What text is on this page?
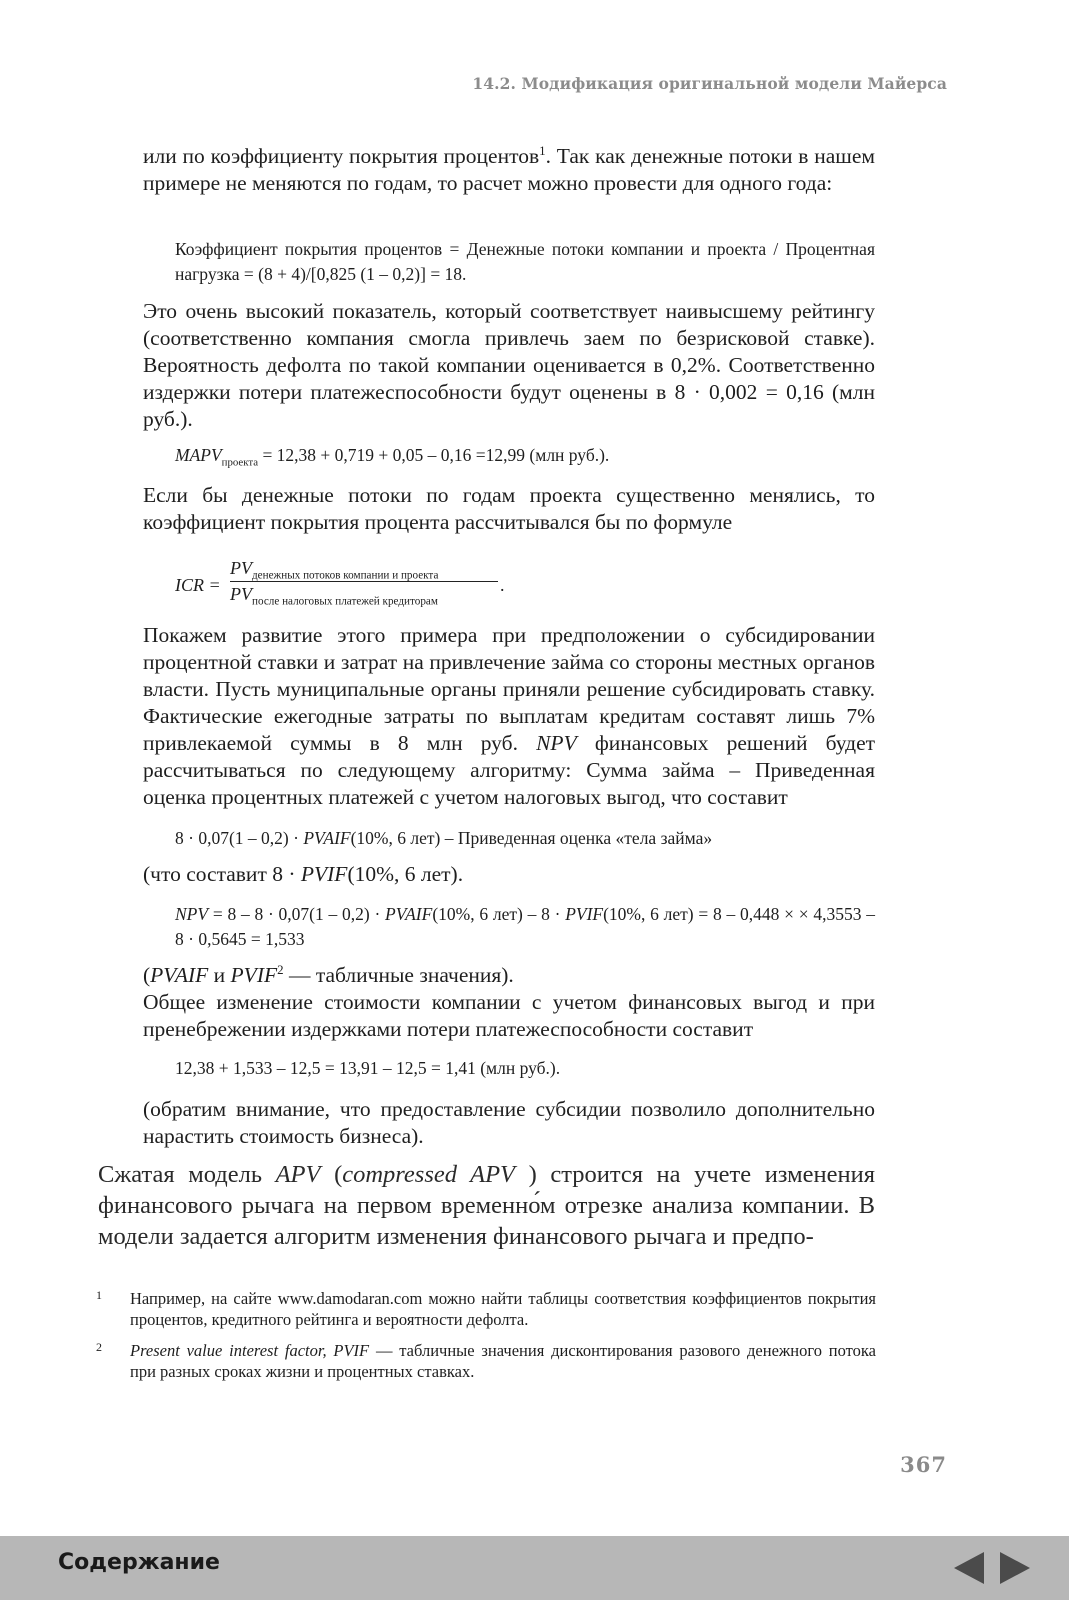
14.2. Модификация оригинальной модели Майерса

или по коэффициенту покрытия процентов$^1$. Так как денежные потоки в нашем примере не меняются по годам, то расчет можно провести для одного года:

Коэффициент покрытия процентов = Денежные потоки компании и проекта / Процентная нагрузка = (8 + 4)/[0,825 (1 – 0,2)] = 18.

Это очень высокий показатель, который соответствует наивысшему рейтингу (соответственно компания смогла привлечь заем по безрисковой ставке). Вероятность дефолта по такой компании оценивается в 0,2%. Соответственно издержки потери платежеспособности будут оценены в 8 · 0,002 = 0,16 (млн руб.).

$MAPV_{проекта} = 12,38 + 0,719 + 0,05 - 0,16 =12,99$ (млн руб.).

Если бы денежные потоки по годам проекта существенно менялись, то коэффициент покрытия процента рассчитывался бы по формуле

Покажем развитие этого примера при предположении о субсидировании процентной ставки и затрат на привлечение займа со стороны местных органов власти. Пусть муниципальные органы приняли решение субсидировать ставку. Фактические ежегодные затраты по выплатам кредитам составят лишь 7% привлекаемой суммы в 8 млн руб. NPV финансовых решений будет рассчитываться по следующему алгоритму: Сумма займа – Приведенная оценка процентных платежей с учетом налоговых выгод, что составит

8 · 0,07(1 – 0,2) · PVAIF(10%, 6 лет) – Приведенная оценка «тела займа»

(что составит 8 · PVIF(10%, 6 лет).

NPV = 8 – 8 · 0,07(1 – 0,2) · PVAIF(10%, 6 лет) – 8 · PVIF(10%, 6 лет) = 8 – 0,448 × × 4,3553 – 8 · 0,5645 = 1,533

(PVAIF и PVIF$^2$ — табличные значения).

Общее изменение стоимости компании с учетом финансовых выгод и при пренебрежении издержками потери платежеспособности составит

12,38 + 1,533 – 12,5 = 13,91 – 12,5 = 1,41 (млн руб.).

(обратим внимание, что предоставление субсидии позволило дополнительно нарастить стоимость бизнеса).

Сжатая модель APV (compressed APV ) строится на учете изменения финансового рычага на первом временно́м отрезке анализа компании. В модели задается алгоритм изменения финансового рычага и предпо-

ICR =
$PV_{денежных потоков компании и проекта}$
$PV_{после налоговых платежей кредиторам}$
.

1 Например, на сайте www.damodaran.com можно найти таблицы соответствия коэффициентов покрытия процентов, кредитного рейтинга и вероятности дефолта.

2 Present value interest factor, PVIF — табличные значения дисконтирования разового денежного потока при разных сроках жизни и процентных ставках.

367
Содержание
